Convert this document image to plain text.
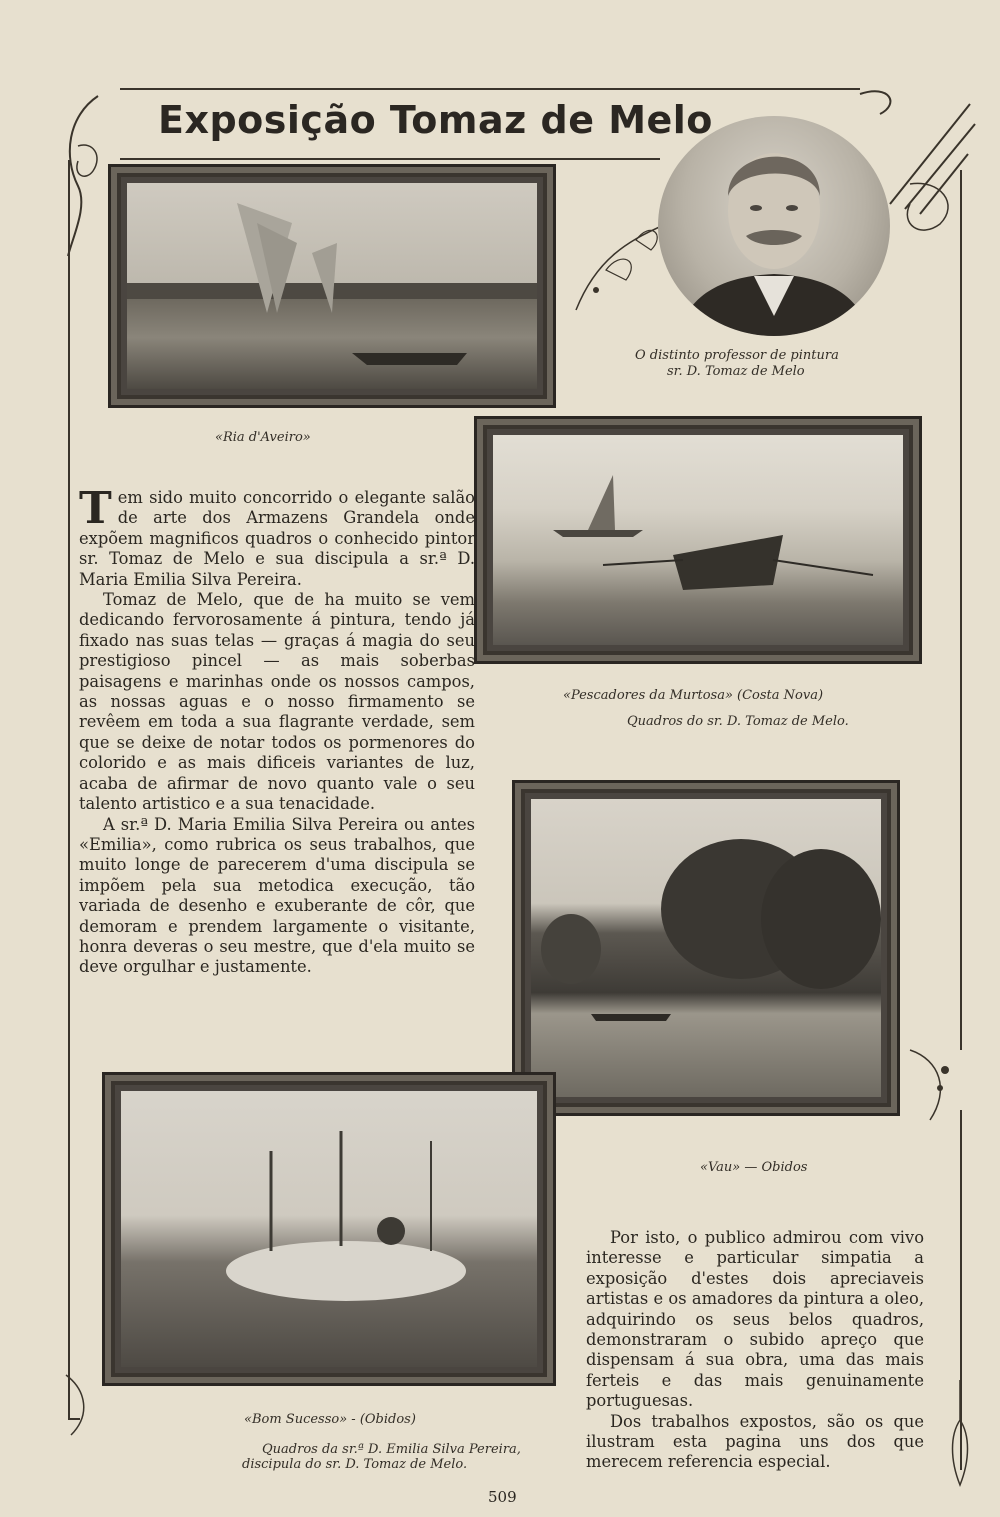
Exposição Tomaz de Melo
O distinto professor de pintura
sr. D. Tomaz de Melo
«Ria d'Aveiro»
«Pescadores da Murtosa» (Costa Nova)
Quadros do sr. D. Tomaz de Melo.
«Vau» — Obidos
«Bom Sucesso» - (Obidos)
Quadros da sr.ª D. Emilia Silva Pereira,
discipula do sr. D. Tomaz de Melo.

Tem sido muito concorrido o elegante salão de arte dos Armazens Grandela onde expõem magnificos quadros o conhecido pintor sr. Tomaz de Melo e sua discipula a sr.ª D. Maria Emilia Silva Pereira.

Tomaz de Melo, que de ha muito se vem dedicando fervorosamente á pintura, tendo já fixado nas suas telas — graças á magia do seu prestigioso pincel — as mais soberbas paisagens e marinhas onde os nossos campos, as nossas aguas e o nosso firmamento se revêem em toda a sua flagrante verdade, sem que se deixe de notar todos os pormenores do colorido e as mais dificeis variantes de luz, acaba de afirmar de novo quanto vale o seu talento artistico e a sua tenacidade.

A sr.ª D. Maria Emilia Silva Pereira ou antes «Emilia», como rubrica os seus trabalhos, que muito longe de parecerem d'uma discipula se impõem pela sua metodica execução, tão variada de desenho e exuberante de côr, que demoram e prendem largamente o visitante, honra deveras o seu mestre, que d'ela muito se deve orgulhar e justamente.

Por isto, o publico admirou com vivo interesse e particular simpatia a exposição d'estes dois apreciaveis artistas e os amadores da pintura a oleo, adquirindo os seus belos quadros, demonstraram o subido apreço que dispensam á sua obra, uma das mais ferteis e das mais genuinamente portuguesas.

Dos trabalhos expostos, são os que ilustram esta pagina uns dos que merecem referencia especial.

509
